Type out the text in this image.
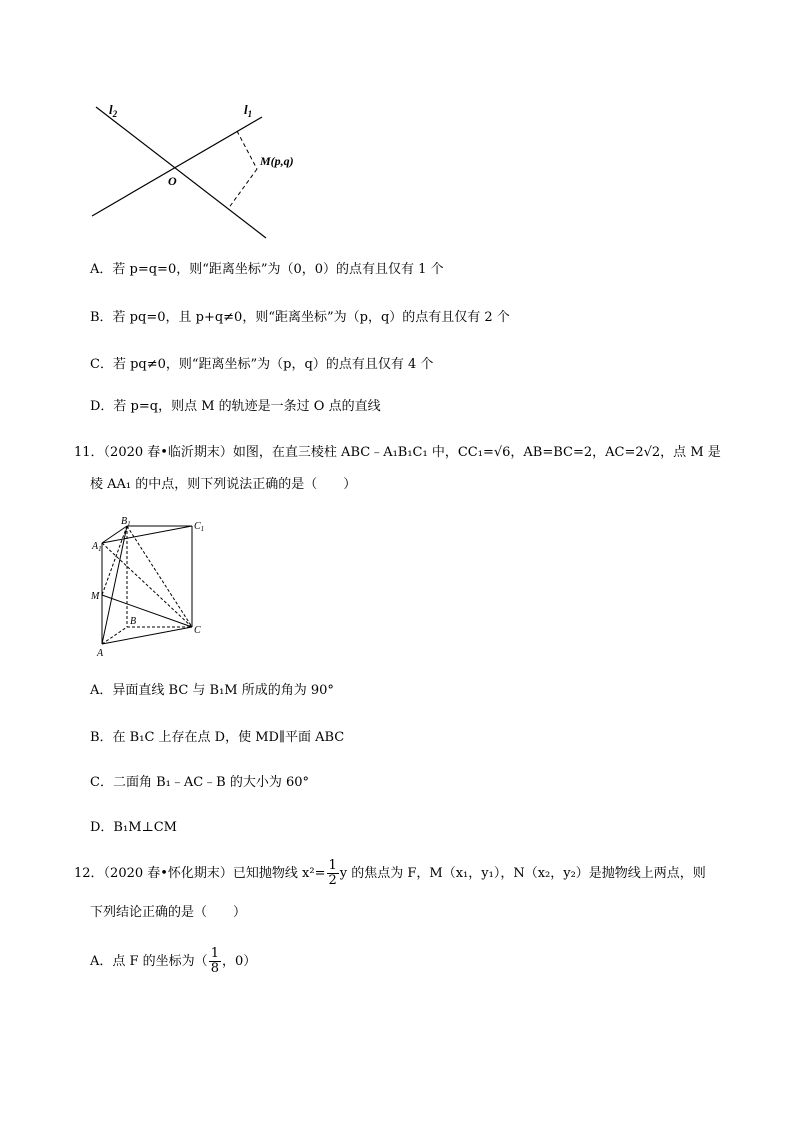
$l_2$	$l_1$
M(p,q)
O
A．若 p=q=0，则“距离坐标”为（0，0）的点有且仅有 1 个
B．若 pq=0，且 p+q≠0，则“距离坐标”为（p，q）的点有且仅有 2 个
C．若 pq≠0，则“距离坐标”为（p，q）的点有且仅有 4 个
D．若 p=q，则点 M 的轨迹是一条过 O 点的直线
11．（2020 春•临沂期末）如图，在直三棱柱 ABC﹣A₁B₁C₁ 中，CC₁=√6，AB=BC=2，AC=2√2，点 M 是
棱 AA₁ 的中点，则下列说法正确的是（　　）
$B_1$	$C_1$
$A_1$
M
B
C
A
A．异面直线 BC 与 B₁M 所成的角为 90°
B．在 B₁C 上存在点 D，使 MD∥平面 ABC
C．二面角 B₁﹣AC﹣B 的大小为 60°
D．B₁M⊥CM
12．（2020 春•怀化期末）已知抛物线 $x^2= \frac{1}{2}$ y 的焦点为 F，M（x₁，y₁），N（x₂，y₂）是抛物线上两点，则
下列结论正确的是（　　）
A．点 F 的坐标为（ $\frac{1}{8}$ ，0）
